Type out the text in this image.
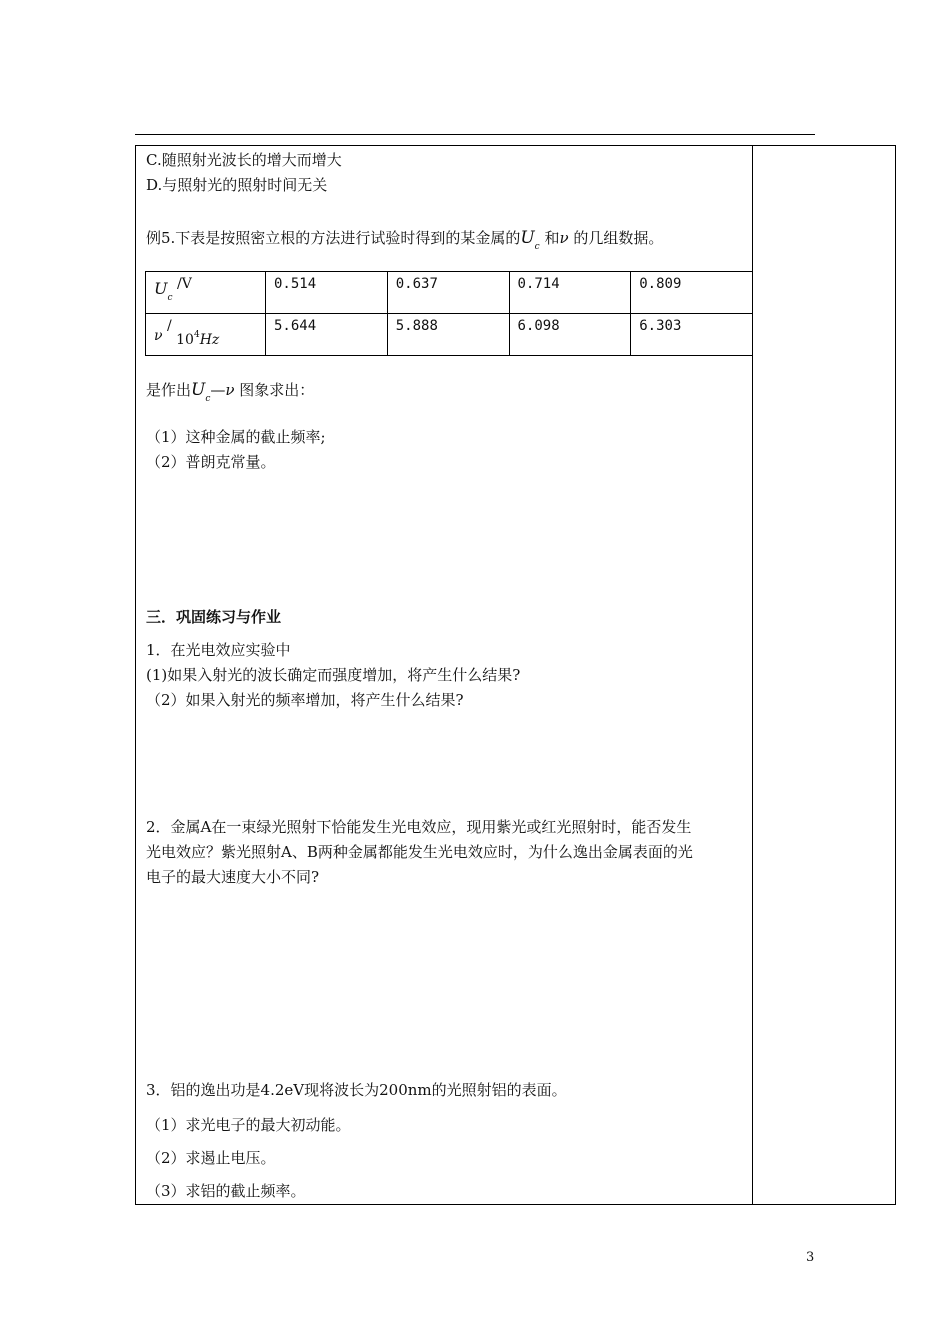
C.随照射光波长的增大而增大
D.与照射光的照射时间无关
例5.下表是按照密立根的方法进行试验时得到的某金属的$U_c$ 和ν 的几组数据。
$U_c$ /V	0.514	0.637	0.714	0.809
ν / $10^4Hz$	5.644	5.888	6.098	6.303
是作出$U_c—\nu$ 图象求出：
（1）这种金属的截止频率;
（2）普朗克常量。
三．巩固练习与作业
1．在光电效应实验中
(1)如果入射光的波长确定而强度增加，将产生什么结果?
（2）如果入射光的频率增加，将产生什么结果?
2．金属A在一束绿光照射下恰能发生光电效应，现用紫光或红光照射时，能否发生
光电效应？紫光照射A、B两种金属都能发生光电效应时，为什么逸出金属表面的光
电子的最大速度大小不同?
3．铝的逸出功是4.2eV现将波长为200nm的光照射铝的表面。
（1）求光电子的最大初动能。
（2）求遏止电压。
（3）求铝的截止频率。
3
